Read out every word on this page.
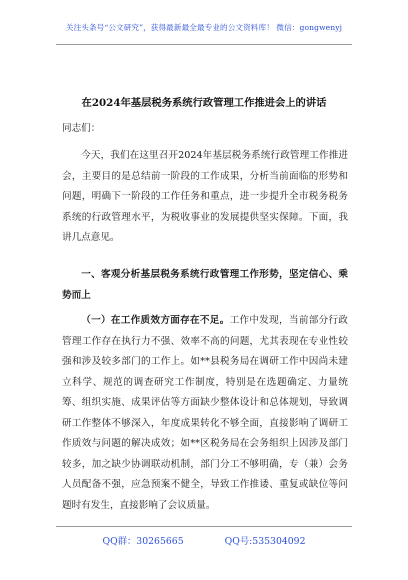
关注头条号“公文研究”，获得最新最全最专业的公文资料库！ 微信：gongwenyj
在2024年基层税务系统行政管理工作推进会上的讲话
同志们：

今天，我们在这里召开2024年基层税务系统行政管理工作推进会，主要目的是总结前一阶段的工作成果，分析当前面临的形势和问题，明确下一阶段的工作任务和重点，进一步提升全市税务税务系统的行政管理水平，为税收事业的发展提供坚实保障。下面，我讲几点意见。

一、客观分析基层税务系统行政管理工作形势，坚定信心、乘势而上

（一）在工作质效方面存在不足。工作中发现，当前部分行政管理工作存在执行力不强、效率不高的问题，尤其表现在专业性较强和涉及较多部门的工作上。如**县税务局在调研工作中因尚未建立科学、规范的调查研究工作制度，特别是在选题确定、力量统筹、组织实施、成果评估等方面缺少整体设计和总体规划，导致调研工作整体不够深入，年度成果转化不够全面，直接影响了调研工作质效与问题的解决成效；如**区税务局在会务组织上因涉及部门较多，加之缺少协调联动机制，部门分工不够明确，专（兼）会务人员配备不强，应急预案不健全，导致工作推诿、重复或缺位等问题时有发生，直接影响了会议质量。

QQ群：30265665	QQ号:535304092
